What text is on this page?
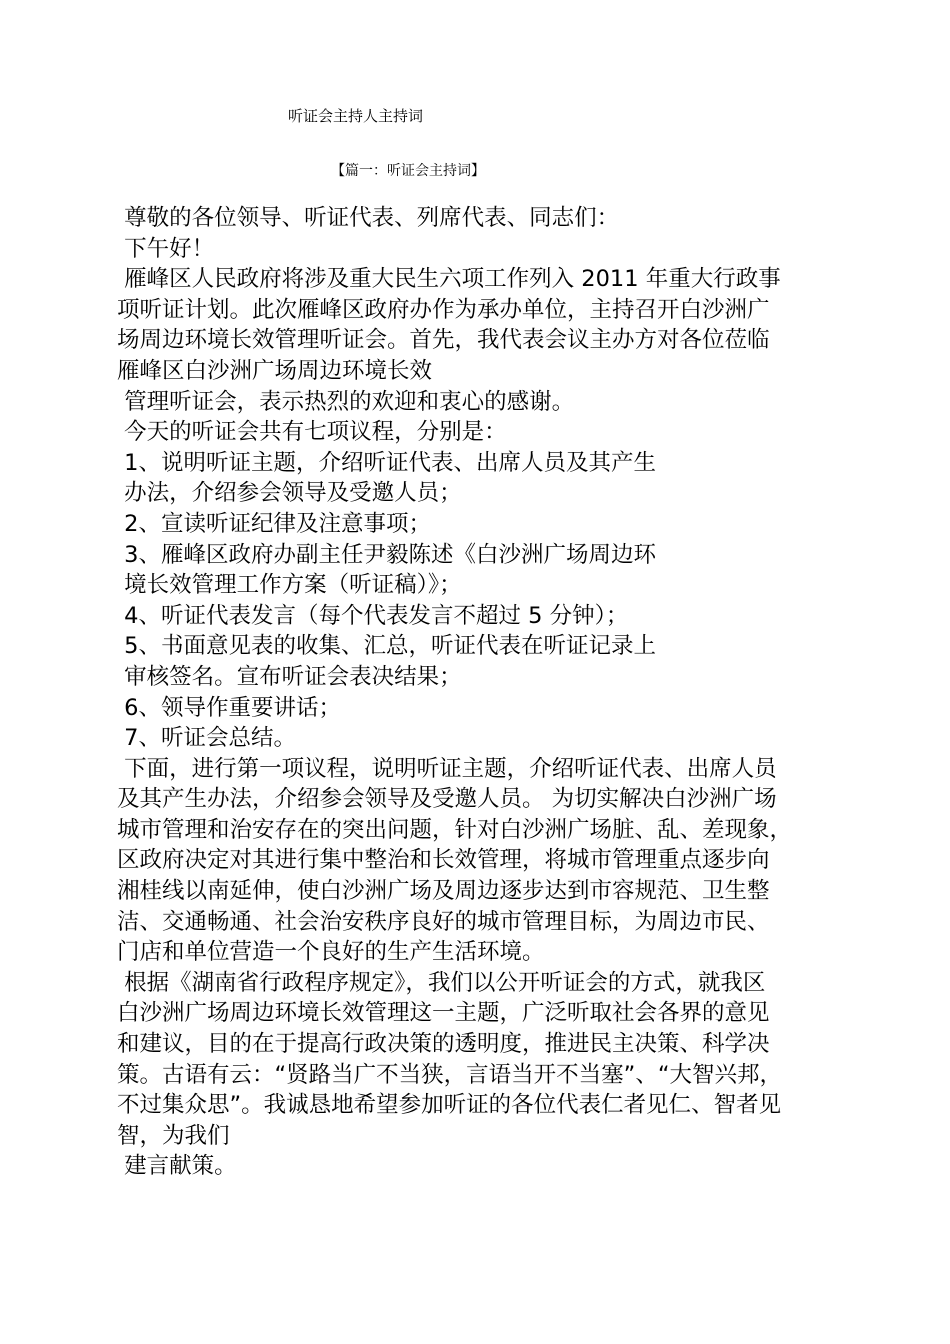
听证会主持人主持词
【篇一：听证会主持词】
尊敬的各位领导、听证代表、列席代表、同志们：
下午好！
雁峰区人民政府将涉及重大民生六项工作列入 2011 年重大行政事
项听证计划。此次雁峰区政府办作为承办单位，主持召开白沙洲广
场周边环境长效管理听证会。首先，我代表会议主办方对各位莅临
雁峰区白沙洲广场周边环境长效
管理听证会，表示热烈的欢迎和衷心的感谢。
今天的听证会共有七项议程，分别是：
1、说明听证主题，介绍听证代表、出席人员及其产生
办法，介绍参会领导及受邀人员；
2、宣读听证纪律及注意事项；
3、雁峰区政府办副主任尹毅陈述《白沙洲广场周边环
境长效管理工作方案（听证稿）》；
4、听证代表发言（每个代表发言不超过 5 分钟）；
5、书面意见表的收集、汇总，听证代表在听证记录上
审核签名。宣布听证会表决结果；
6、领导作重要讲话；
7、听证会总结。
下面，进行第一项议程，说明听证主题，介绍听证代表、出席人员
及其产生办法，介绍参会领导及受邀人员。 为切实解决白沙洲广场
城市管理和治安存在的突出问题，针对白沙洲广场脏、乱、差现象，
区政府决定对其进行集中整治和长效管理，将城市管理重点逐步向
湘桂线以南延伸，使白沙洲广场及周边逐步达到市容规范、卫生整
洁、交通畅通、社会治安秩序良好的城市管理目标，为周边市民、
门店和单位营造一个良好的生产生活环境。
根据《湖南省行政程序规定》，我们以公开听证会的方式，就我区
白沙洲广场周边环境长效管理这一主题，广泛听取社会各界的意见
和建议，目的在于提高行政决策的透明度，推进民主决策、科学决
策。古语有云：“贤路当广不当狭，言语当开不当塞”、“大智兴邦，
不过集众思”。我诚恳地希望参加听证的各位代表仁者见仁、智者见
智，为我们
建言献策。
